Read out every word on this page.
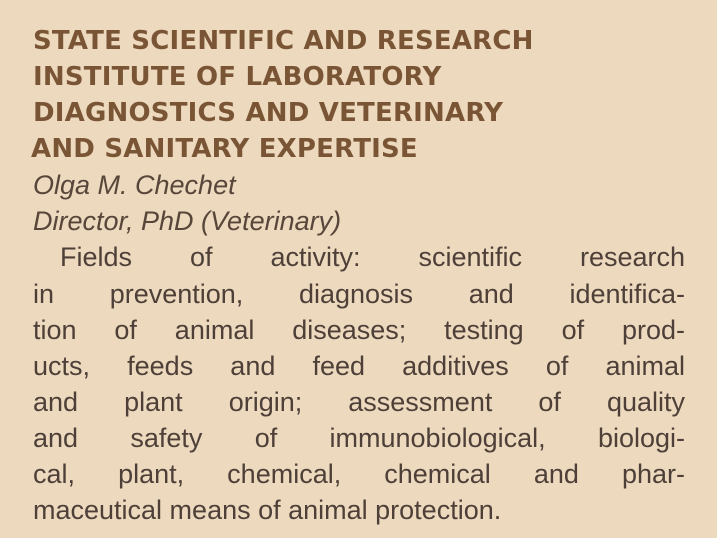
STATE SCIENTIFIC AND RESEARCH
INSTITUTE OF LABORATORY
DIAGNOSTICS AND VETERINARY
AND SANITARY EXPERTISE
Olga M. Chechet
Director, PhD (Veterinary)
Fields of activity: scientific research
in prevention, diagnosis and identifica-
tion of animal diseases; testing of prod-
ucts, feeds and feed additives of animal
and plant origin; assessment of quality
and safety of immunobiological, biologi-
cal, plant, chemical, chemical and phar-
maceutical means of animal protection.
